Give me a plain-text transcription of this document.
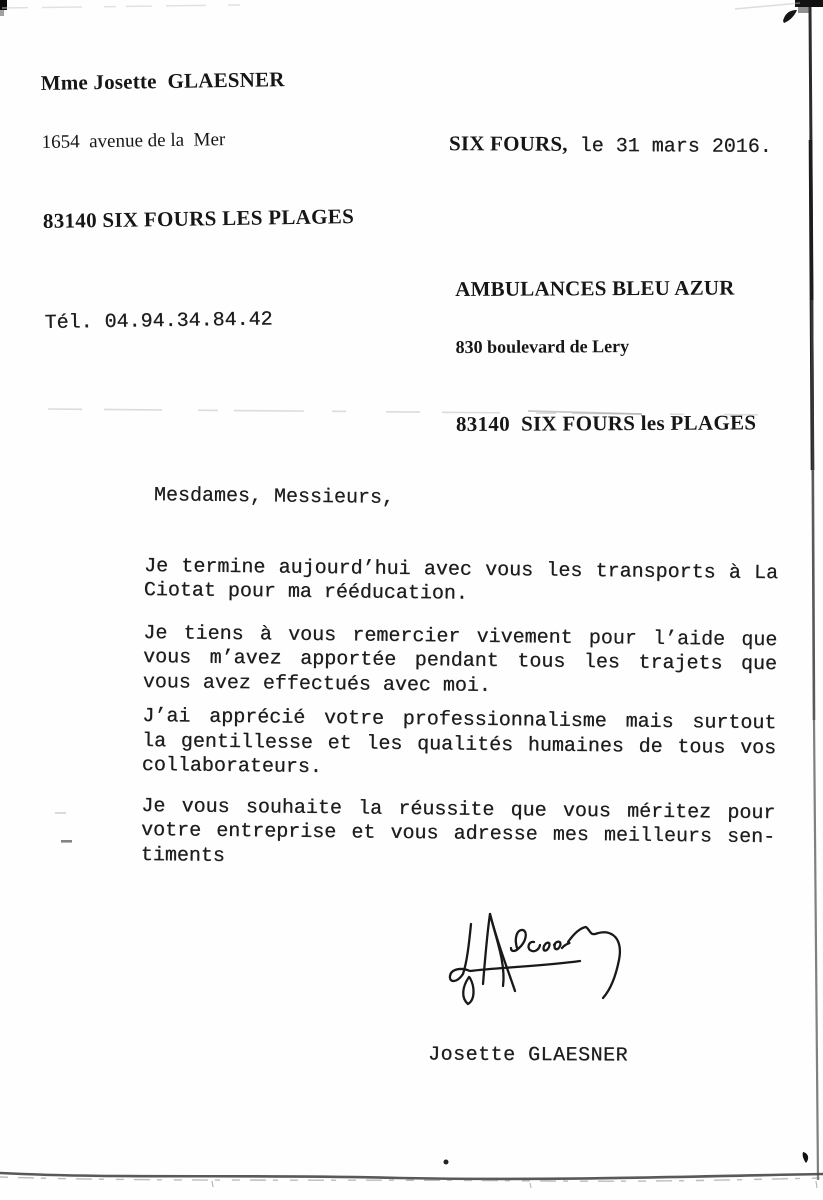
Mme Josette  GLAESNER

1654  avenue de la  Mer

83140 SIX FOURS LES PLAGES

Tél. 04.94.34.84.42

SIX FOURS, le 31 mars 2016.

AMBULANCES BLEU AZUR

830 boulevard de Lery

83140  SIX FOURS les PLAGES

Mesdames, Messieurs,
Je termine aujourd’hui avec vous les transports à La
Ciotat pour ma rééducation.
Je tiens à vous remercier vivement pour l’aide que
vous m’avez apportée pendant tous les trajets que
vous avez effectués avec moi.
J’ai apprécié votre professionnalisme mais surtout
la gentillesse et les qualités humaines de tous vos
collaborateurs.
Je vous souhaite la réussite que vous méritez pour
votre entreprise et vous adresse mes meilleurs sen-
timents
Josette GLAESNER
